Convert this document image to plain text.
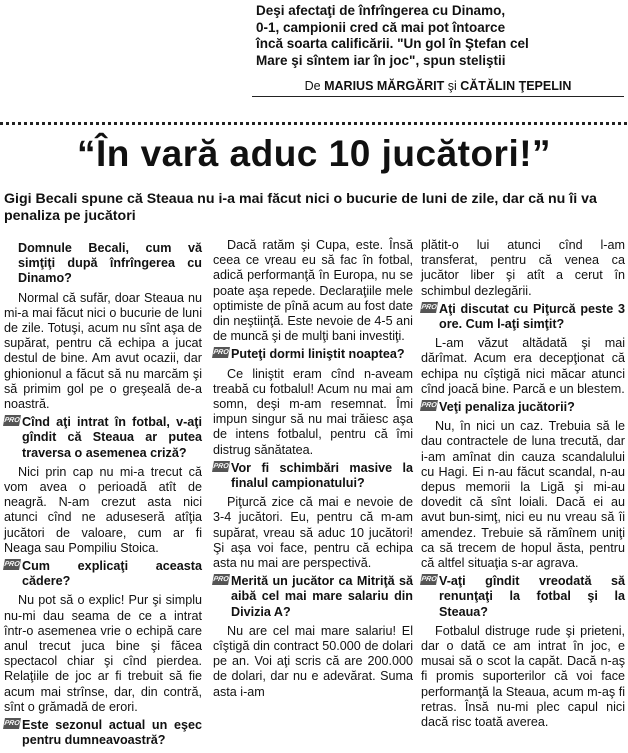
Deşi afectaţi de înfrîngerea cu Dinamo,
0-1, campionii cred că mai pot întoarce
încă soarta calificării. "Un gol în Ştefan cel
Mare şi sîntem iar în joc", spun steliştii
De MARIUS MĂRGĂRIT şi CĂTĂLIN ŢEPELIN
“În vară aduc 10 jucători!”
Gigi Becali spune că Steaua nu i-a mai făcut nici o bucurie de luni de zile, dar că nu îi va penaliza pe jucători
Domnule Becali, cum vă simţiţi după înfrîngerea cu Dinamo?

Normal că sufăr, doar Steaua nu mi-a mai făcut nici o bucurie de luni de zile. Totuşi, acum nu sînt aşa de supărat, pentru că echipa a jucat destul de bine. Am avut ocazii, dar ghionionul a făcut să nu marcăm şi să primim gol pe o greşeală de-a noastră.

PRO Cînd aţi intrat în fotbal, v-aţi gîndit că Steaua ar putea traversa o asemenea criză?

Nici prin cap nu mi-a trecut că vom avea o perioadă atît de neagră. N-am crezut asta nici atunci cînd ne aduseseră atîţia jucători de valoare, cum ar fi Neaga sau Pompiliu Stoica.

PRO Cum explicaţi aceasta cădere?

Nu pot să o explic! Pur şi simplu nu-mi dau seama de ce a intrat într-o asemenea vrie o echipă care anul trecut juca bine şi făcea spectacol chiar şi cînd pierdea. Relaţiile de joc ar fi trebuit să fie acum mai strînse, dar, din contră, sînt o grămadă de erori.

PRO Este sezonul actual un eşec pentru dumneavoastră?

Dacă ratăm şi Cupa, este. Însă ceea ce vreau eu să fac în fotbal, adică performanţă în Europa, nu se poate aşa repede. Declaraţiile mele optimiste de pînă acum au fost date din neştiinţă. Este nevoie de 4-5 ani de muncă şi de mulţi bani investiţi.

PRO Puteţi dormi liniştit noaptea?

Ce liniştit eram cînd n-aveam treabă cu fotbalul! Acum nu mai am somn, deşi m-am resemnat. Îmi impun singur să nu mai trăiesc aşa de intens fotbalul, pentru că îmi distrug sănătatea.

PRO Vor fi schimbări masive la finalul campionatului?

Piţurcă zice că mai e nevoie de 3-4 jucători. Eu, pentru că m-am supărat, vreau să aduc 10 jucători! Şi aşa voi face, pentru că echipa asta nu mai are perspectivă.

PRO Merită un jucător ca Mitriţă să aibă cel mai mare salariu din Divizia A?

Nu are cel mai mare salariu! El cîştigă din contract 50.000 de dolari pe an. Voi aţi scris că are 200.000 de dolari, dar nu e adevărat. Suma asta i-am

plătit-o lui atunci cînd l-am transferat, pentru că venea ca jucător liber şi atît a cerut în schimbul dezlegării.

PRO Aţi discutat cu Piţurcă peste 3 ore. Cum l-aţi simţit?

L-am văzut altădată şi mai dărîmat. Acum era decepţionat că echipa nu cîştigă nici măcar atunci cînd joacă bine. Parcă e un blestem.

PRO Veţi penaliza jucătorii?

Nu, în nici un caz. Trebuia să le dau contractele de luna trecută, dar i-am amînat din cauza scandalului cu Hagi. Ei n-au făcut scandal, n-au depus memorii la Ligă şi mi-au dovedit că sînt loiali. Dacă ei au avut bun-simţ, nici eu nu vreau să îi amendez. Trebuie să rămînem uniţi ca să trecem de hopul ăsta, pentru că altfel situaţia s-ar agrava.

PRO V-aţi gîndit vreodată să renunţaţi la fotbal şi la Steaua?

Fotbalul distruge rude şi prieteni, dar o dată ce am intrat în joc, e musai să o scot la capăt. Dacă n-aş fi promis suporterilor că voi face performanţă la Steaua, acum m-aş fi retras. Însă nu-mi plec capul nici dacă risc toată averea.
